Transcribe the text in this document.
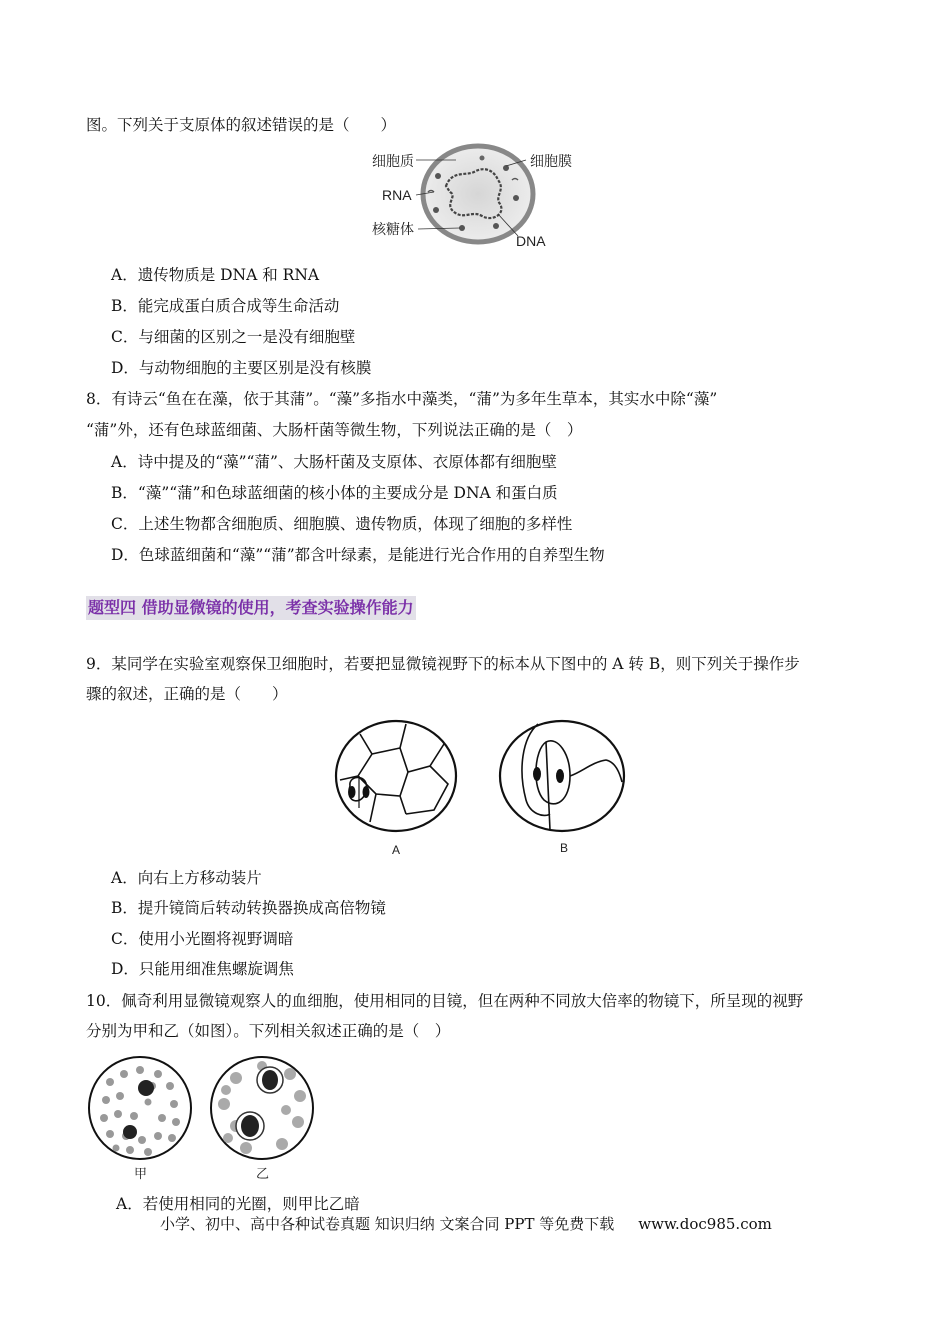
图。下列关于支原体的叙述错误的是（　　）
细胞质	细胞膜
RNA
核糖体
DNA
A．遗传物质是 DNA 和 RNA
B．能完成蛋白质合成等生命活动
C．与细菌的区别之一是没有细胞壁
D．与动物细胞的主要区别是没有核膜
8．有诗云“鱼在在藻，依于其蒲”。“藻”多指水中藻类，“蒲”为多年生草本，其实水中除“藻”
“蒲”外，还有色球蓝细菌、大肠杆菌等微生物，下列说法正确的是（　）
A．诗中提及的“藻”“蒲”、大肠杆菌及支原体、衣原体都有细胞壁
B．“藻”“蒲”和色球蓝细菌的核小体的主要成分是 DNA 和蛋白质
C．上述生物都含细胞质、细胞膜、遗传物质，体现了细胞的多样性
D．色球蓝细菌和“藻”“蒲”都含叶绿素，是能进行光合作用的自养型生物
题型四 借助显微镜的使用，考查实验操作能力
9．某同学在实验室观察保卫细胞时，若要把显微镜视野下的标本从下图中的 A 转 B，则下列关于操作步
骤的叙述，正确的是（　　）
A	B
A．向右上方移动装片
B．提升镜筒后转动转换器换成高倍物镜
C．使用小光圈将视野调暗
D．只能用细准焦螺旋调焦
10．佩奇利用显微镜观察人的血细胞，使用相同的目镜，但在两种不同放大倍率的物镜下，所呈现的视野
分别为甲和乙（如图）。下列相关叙述正确的是（　）
甲	乙
A．若使用相同的光圈，则甲比乙暗
小学、初中、高中各种试卷真题 知识归纳 文案合同 PPT 等免费下载 www.doc985.com
